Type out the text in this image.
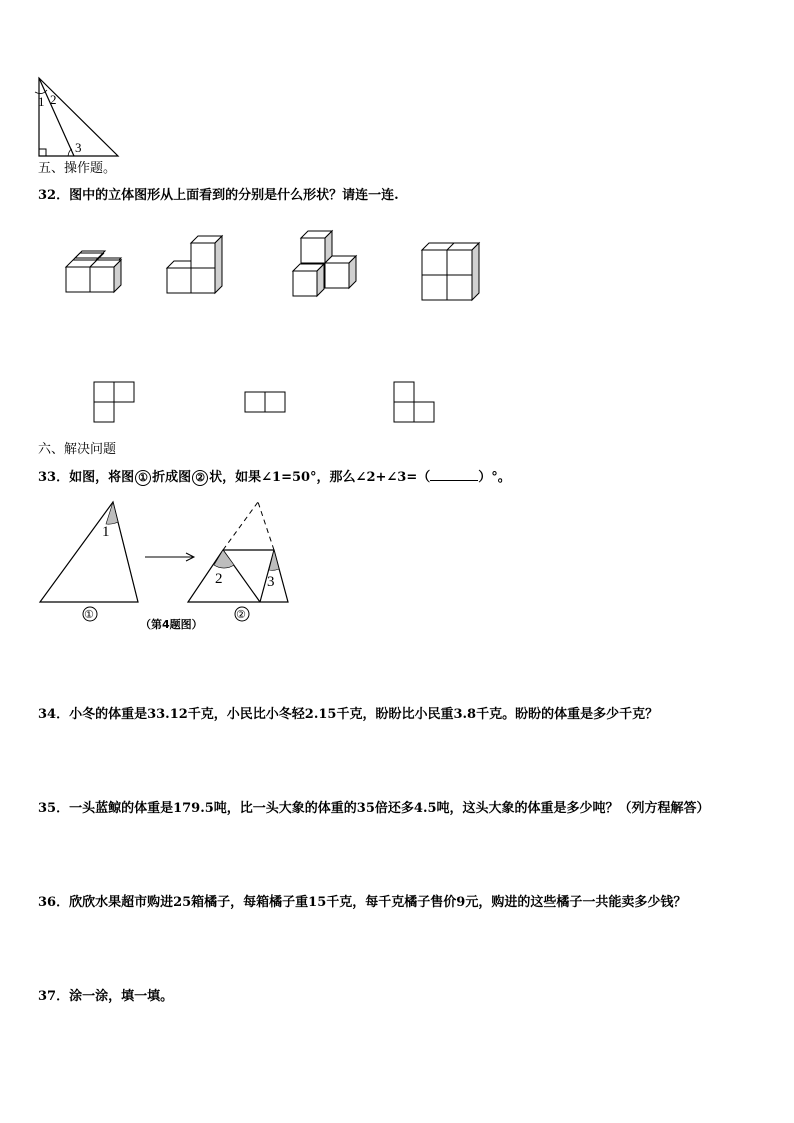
1 2
3
五、操作题。
32．图中的立体图形从上面看到的分别是什么形状？请连一连.
六、解决问题
33．如图，将图 ① 折成图 ② 状，如果∠1=50°，那么∠2+∠3=（	）°。
1
①
2	3
②
（第4题图）
34．小冬的体重是33.12千克，小民比小冬轻2.15千克，盼盼比小民重3.8千克。盼盼的体重是多少千克？
35．一头蓝鲸的体重是179.5吨，比一头大象的体重的35倍还多4.5吨，这头大象的体重是多少吨？（列方程解答）
36．欣欣水果超市购进25箱橘子，每箱橘子重15千克，每千克橘子售价9元，购进的这些橘子一共能卖多少钱？
37．涂一涂，填一填。
